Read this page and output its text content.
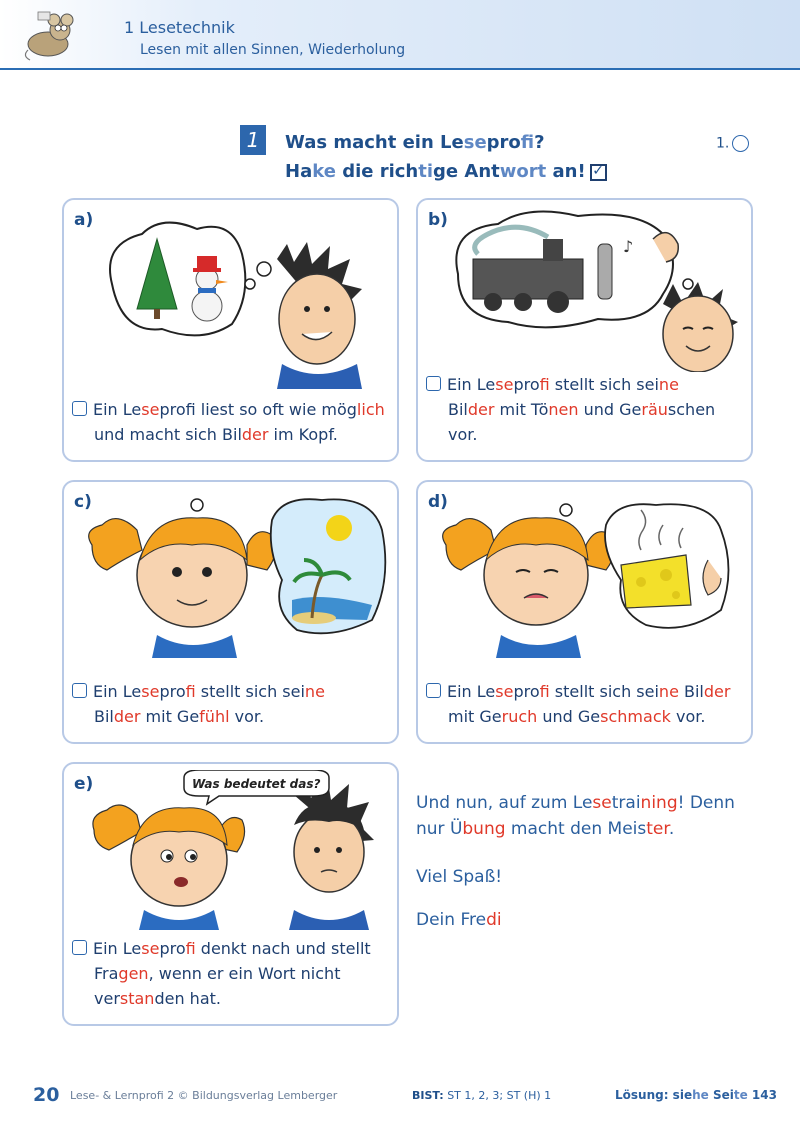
1 Lesetechnik
Lesen mit allen Sinnen, Wiederholung
1	Was macht ein Leseprofi?
Hake die richtige Antwort an! ✓
1.
a)
Ein Leseprofi liest so oft wie möglich
und macht sich Bilder im Kopf.
b)
♪
Ein Leseprofi stellt sich seine
Bilder mit Tönen und Geräuschen
vor.
c)
Ein Leseprofi stellt sich seine
Bilder mit Gefühl vor.
d)
Ein Leseprofi stellt sich seine Bilder
mit Geruch und Geschmack vor.
e)	Was bedeutet das?
Ein Leseprofi denkt nach und stellt
Fragen, wenn er ein Wort nicht
verstanden hat.
Und nun, auf zum Lesetraining! Denn
nur Übung macht den Meister.
Viel Spaß!
Dein Fredi
20 Lese- & Lernprofi 2 © Bildungsverlag Lemberger	BIST: ST 1, 2, 3; ST (H) 1	Lösung: siehe Seite 143
